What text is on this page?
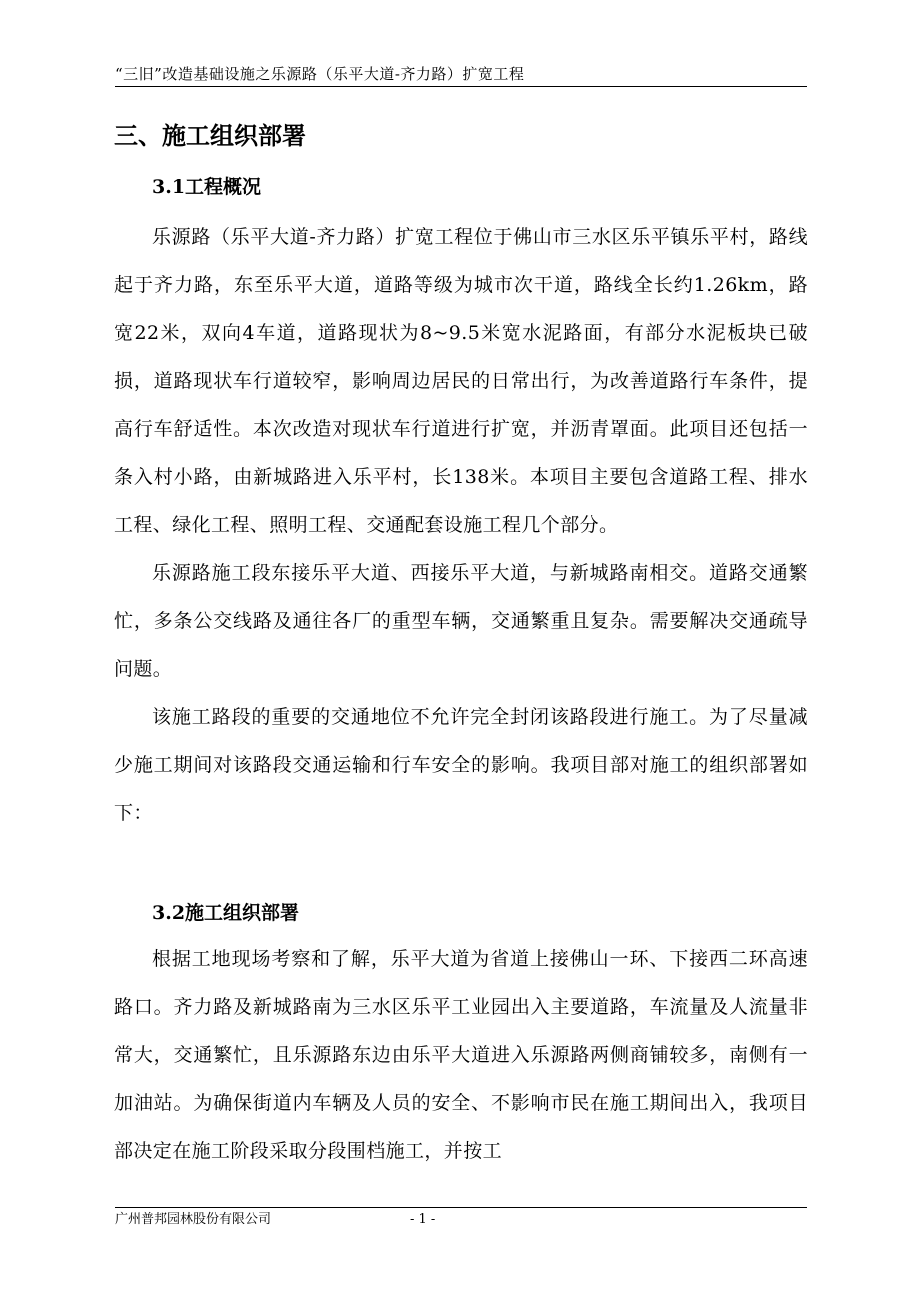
“三旧”改造基础设施之乐源路（乐平大道-齐力路）扩宽工程
三、施工组织部署
3.1工程概况

乐源路（乐平大道-齐力路）扩宽工程位于佛山市三水区乐平镇乐平村，路线起于齐力路，东至乐平大道，道路等级为城市次干道，路线全长约1.26km，路宽22米，双向4车道，道路现状为8~9.5米宽水泥路面，有部分水泥板块已破损，道路现状车行道较窄，影响周边居民的日常出行，为改善道路行车条件，提高行车舒适性。本次改造对现状车行道进行扩宽，并沥青罩面。此项目还包括一条入村小路，由新城路进入乐平村，长138米。本项目主要包含道路工程、排水工程、绿化工程、照明工程、交通配套设施工程几个部分。

乐源路施工段东接乐平大道、西接乐平大道，与新城路南相交。道路交通繁忙，多条公交线路及通往各厂的重型车辆，交通繁重且复杂。需要解决交通疏导问题。

该施工路段的重要的交通地位不允许完全封闭该路段进行施工。为了尽量减少施工期间对该路段交通运输和行车安全的影响。我项目部对施工的组织部署如下：

3.2施工组织部署

根据工地现场考察和了解，乐平大道为省道上接佛山一环、下接西二环高速路口。齐力路及新城路南为三水区乐平工业园出入主要道路，车流量及人流量非常大，交通繁忙，且乐源路东边由乐平大道进入乐源路两侧商铺较多，南侧有一加油站。为确保街道内车辆及人员的安全、不影响市民在施工期间出入，我项目部决定在施工阶段采取分段围档施工，并按工

广州普邦园林股份有限公司	- 1 -
